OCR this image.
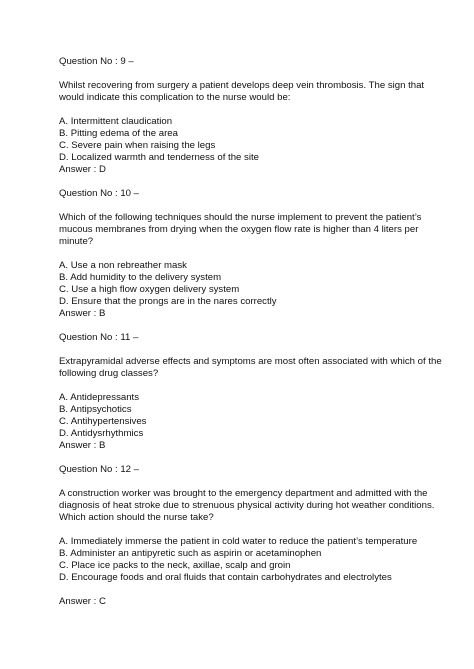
Question No : 9 –

Whilst recovering from surgery a patient develops deep vein thrombosis. The sign that
would indicate this complication to the nurse would be:

A. Intermittent claudication
B. Pitting edema of the area
C. Severe pain when raising the legs
D. Localized warmth and tenderness of the site

Answer : D

Question No : 10 –

Which of the following techniques should the nurse implement to prevent the patient’s
mucous membranes from drying when the oxygen flow rate is higher than 4 liters per
minute?

A. Use a non rebreather mask
B. Add humidity to the delivery system
C. Use a high flow oxygen delivery system
D. Ensure that the prongs are in the nares correctly

Answer : B

Question No : 11 –

Extrapyramidal adverse effects and symptoms are most often associated with which of the
following drug classes?

A. Antidepressants
B. Antipsychotics
C. Antihypertensives
D. Antidysrhythmics

Answer : B

Question No : 12 –

A construction worker was brought to the emergency department and admitted with the
diagnosis of heat stroke due to strenuous physical activity during hot weather conditions.
Which action should the nurse take?

A. Immediately immerse the patient in cold water to reduce the patient’s temperature
B. Administer an antipyretic such as aspirin or acetaminophen
C. Place ice packs to the neck, axillae, scalp and groin
D. Encourage foods and oral fluids that contain carbohydrates and electrolytes

Answer : C
